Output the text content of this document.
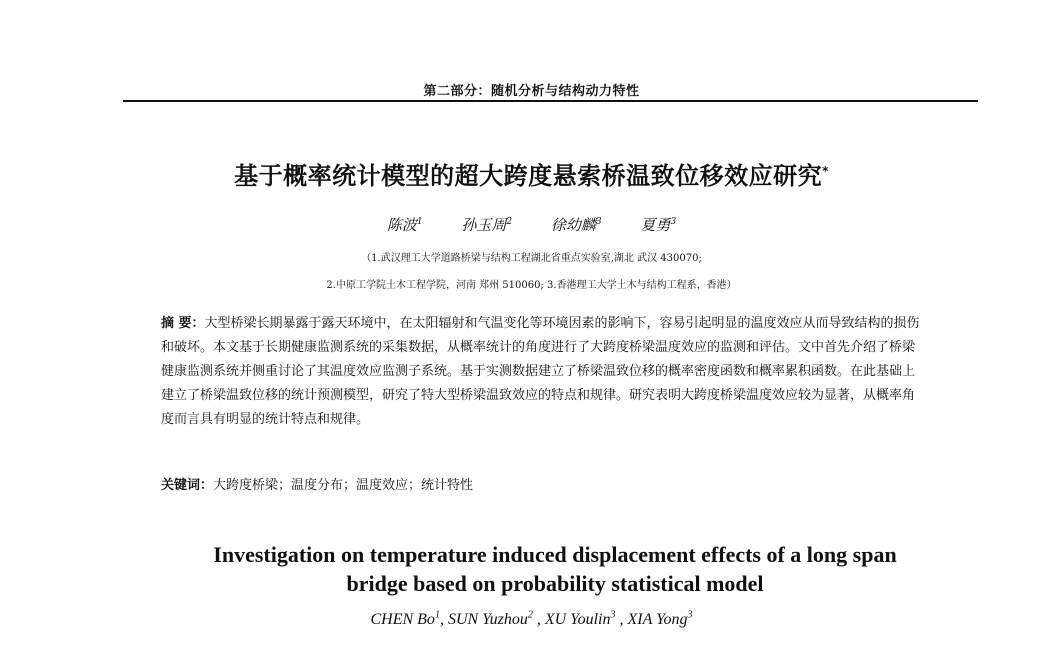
第二部分：随机分析与结构动力特性
基于概率统计模型的超大跨度悬索桥温致位移效应研究*
陈波$^1$	孙玉周$^2$	徐幼麟$^3$	夏勇$^3$
（1.武汉理工大学道路桥梁与结构工程湖北省重点实验室,湖北 武汉 430070;
2.中原工学院土木工程学院，河南 郑州 510060; 3.香港理工大学土木与结构工程系，香港）
摘 要：大型桥梁长期暴露于露天环境中，在太阳辐射和气温变化等环境因素的影响下，容易引起明显的温度效应从而导致结构的损伤和破坏。本文基于长期健康监测系统的采集数据，从概率统计的角度进行了大跨度桥梁温度效应的监测和评估。文中首先介绍了桥梁健康监测系统并侧重讨论了其温度效应监测子系统。基于实测数据建立了桥梁温致位移的概率密度函数和概率累积函数。在此基础上建立了桥梁温致位移的统计预测模型，研究了特大型桥梁温致效应的特点和规律。研究表明大跨度桥梁温度效应较为显著，从概率角度而言具有明显的统计特点和规律。
关键词：大跨度桥梁；温度分布；温度效应；统计特性
Investigation on temperature induced displacement effects of a long span
bridge based on probability statistical model
CHEN Bo$^1$, SUN Yuzhou$^2$ , XU Youlin$^3$ , XIA Yong$^3$
